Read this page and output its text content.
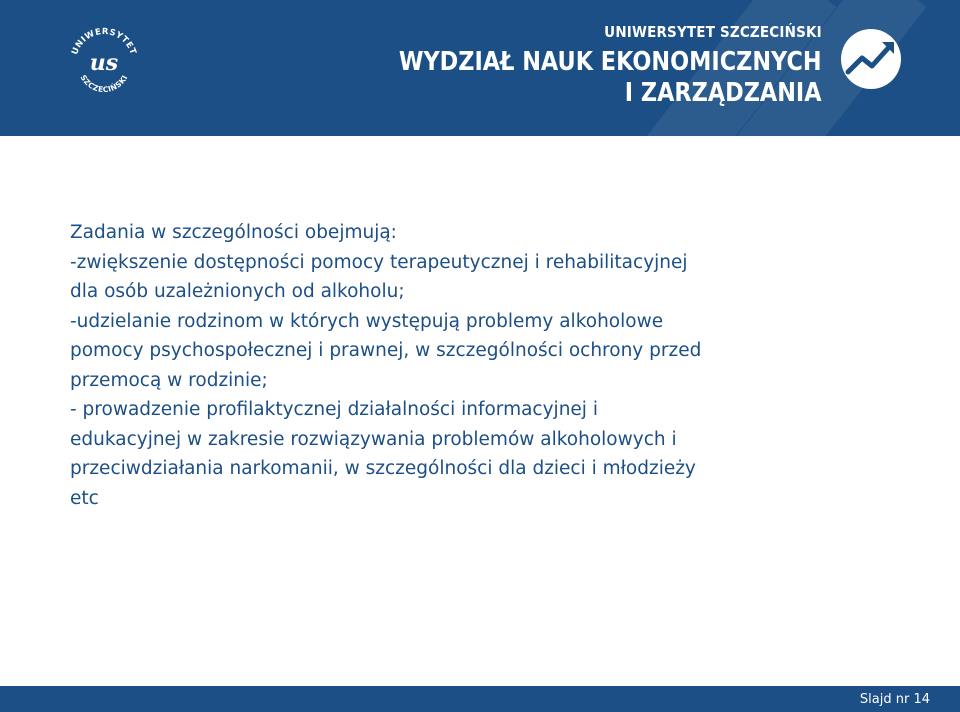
UNIWERSYTET
SZCZECIŃSKI
us
UNIWERSYTET SZCZECIŃSKI
WYDZIAŁ NAUK EKONOMICZNYCH
I ZARZĄDZANIA

Zadania w szczególności obejmują:

-zwiększenie dostępności pomocy terapeutycznej i rehabilitacyjnej

dla osób uzależnionych od alkoholu;

-udzielanie rodzinom w których występują problemy alkoholowe

pomocy psychospołecznej i prawnej, w szczególności ochrony przed

przemocą w rodzinie;

- prowadzenie profilaktycznej działalności informacyjnej i

edukacyjnej w zakresie rozwiązywania problemów alkoholowych i

przeciwdziałania narkomanii, w szczególności dla dzieci i młodzieży

etc

Slajd nr 14
